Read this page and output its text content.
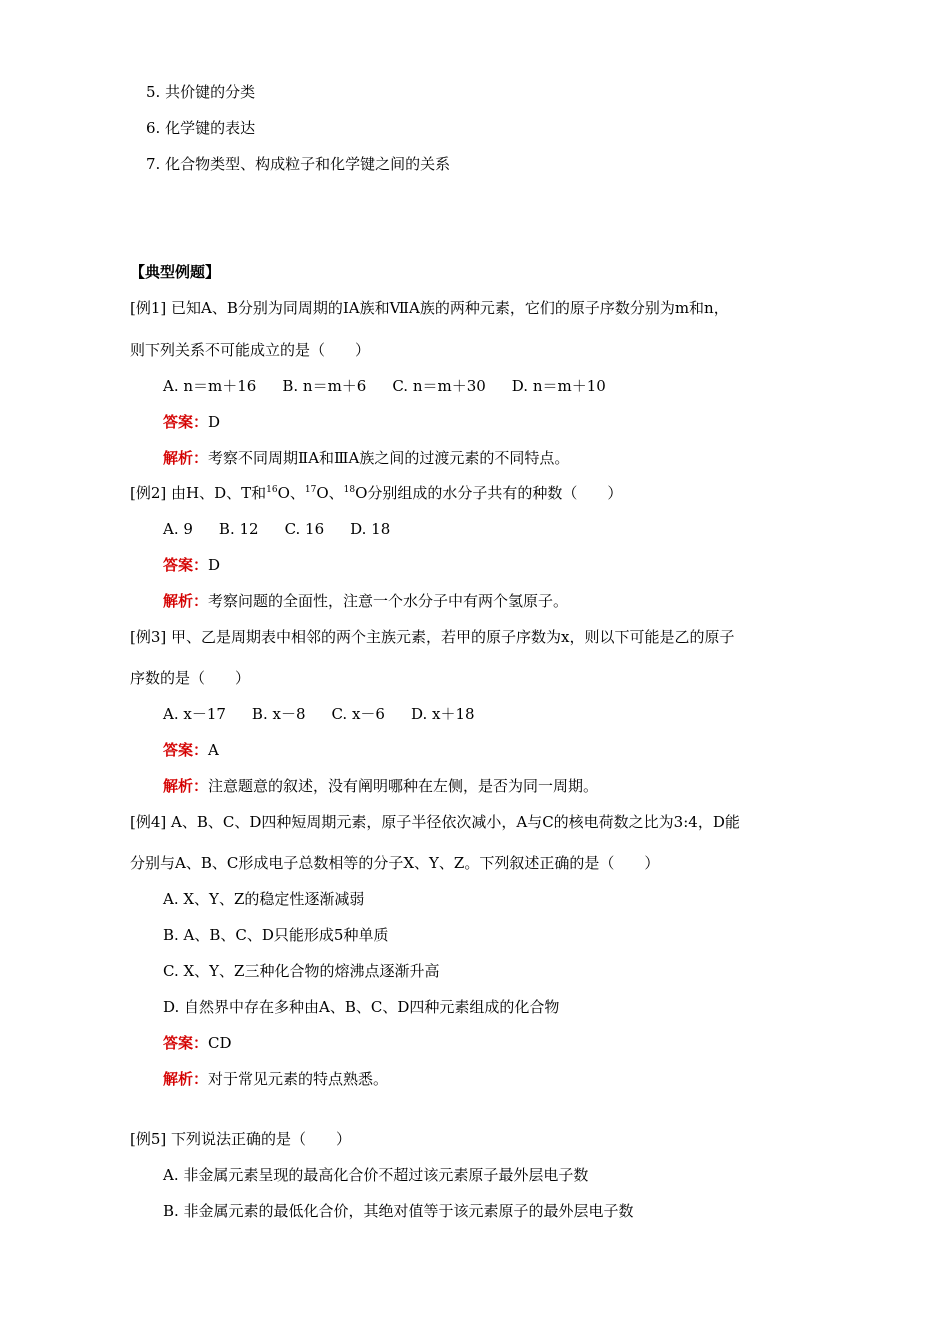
5. 共价键的分类
6. 化学键的表达
7. 化合物类型、构成粒子和化学键之间的关系
【典型例题】
[例1] 已知A、B分别为同周期的ⅠA族和ⅦA族的两种元素，它们的原子序数分别为m和n，
则下列关系不可能成立的是（　　）
A. n＝m＋16 B. n＝m＋6 C. n＝m＋30 D. n＝m＋10
答案：D
解析：考察不同周期ⅡA和ⅢA族之间的过渡元素的不同特点。
[例2] 由H、D、T和$^{16}$O、$^{17}$O、$^{18}$O分别组成的水分子共有的种数（　　）
A. 9 B. 12 C. 16 D. 18
答案：D
解析：考察问题的全面性，注意一个水分子中有两个氢原子。
[例3] 甲、乙是周期表中相邻的两个主族元素，若甲的原子序数为x，则以下可能是乙的原子
序数的是（　　）
A. x－17 B. x－8 C. x－6 D. x＋18
答案：A
解析：注意题意的叙述，没有阐明哪种在左侧，是否为同一周期。
[例4] A、B、C、D四种短周期元素，原子半径依次减小，A与C的核电荷数之比为3:4，D能
分别与A、B、C形成电子总数相等的分子X、Y、Z。下列叙述正确的是（　　）
A. X、Y、Z的稳定性逐渐减弱
B. A、B、C、D只能形成5种单质
C. X、Y、Z三种化合物的熔沸点逐渐升高
D. 自然界中存在多种由A、B、C、D四种元素组成的化合物
答案：CD
解析：对于常见元素的特点熟悉。
[例5] 下列说法正确的是（　　）
A. 非金属元素呈现的最高化合价不超过该元素原子最外层电子数
B. 非金属元素的最低化合价，其绝对值等于该元素原子的最外层电子数
